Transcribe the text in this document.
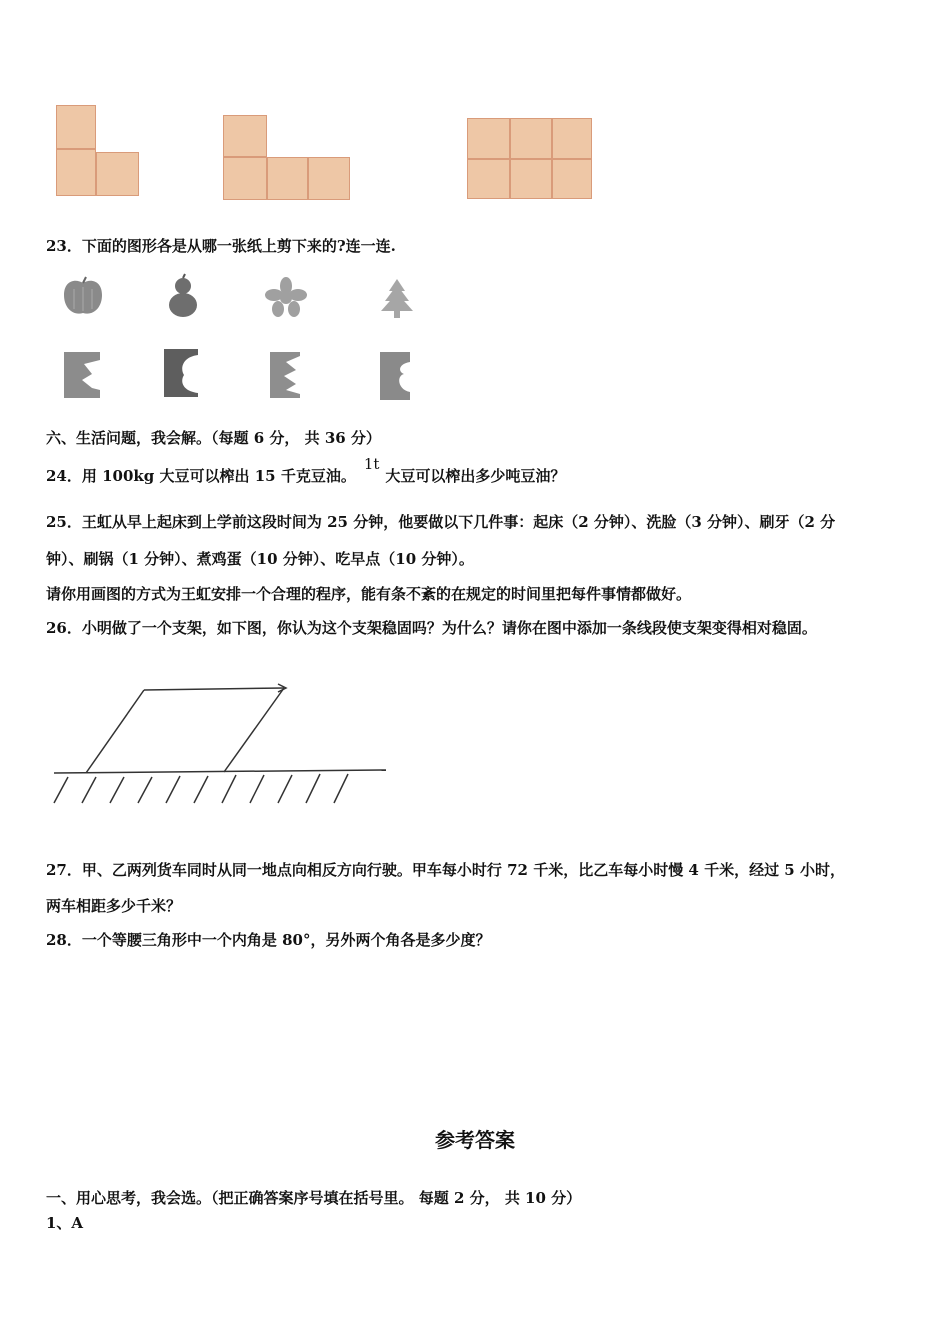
23．下面的图形各是从哪一张纸上剪下来的?连一连.
六、生活问题，我会解。（每题 6 分， 共 36 分）
24．用 100kg 大豆可以榨出 15 千克豆油。1t大豆可以榨出多少吨豆油？
25．王虹从早上起床到上学前这段时间为 25 分钟，他要做以下几件事：起床（2 分钟）、洗脸（3 分钟）、刷牙（2 分
钟）、刷锅（1 分钟）、煮鸡蛋（10 分钟）、吃早点（10 分钟）。
请你用画图的方式为王虹安排一个合理的程序，能有条不紊的在规定的时间里把每件事情都做好。
26．小明做了一个支架，如下图，你认为这个支架稳固吗？为什么？请你在图中添加一条线段使支架变得相对稳固。
27．甲、乙两列货车同时从同一地点向相反方向行驶。甲车每小时行 72 千米，比乙车每小时慢 4 千米，经过 5 小时，
两车相距多少千米？
28．一个等腰三角形中一个内角是 80°，另外两个角各是多少度？
参考答案
一、用心思考，我会选。（把正确答案序号填在括号里。 每题 2 分， 共 10 分）
1、A
